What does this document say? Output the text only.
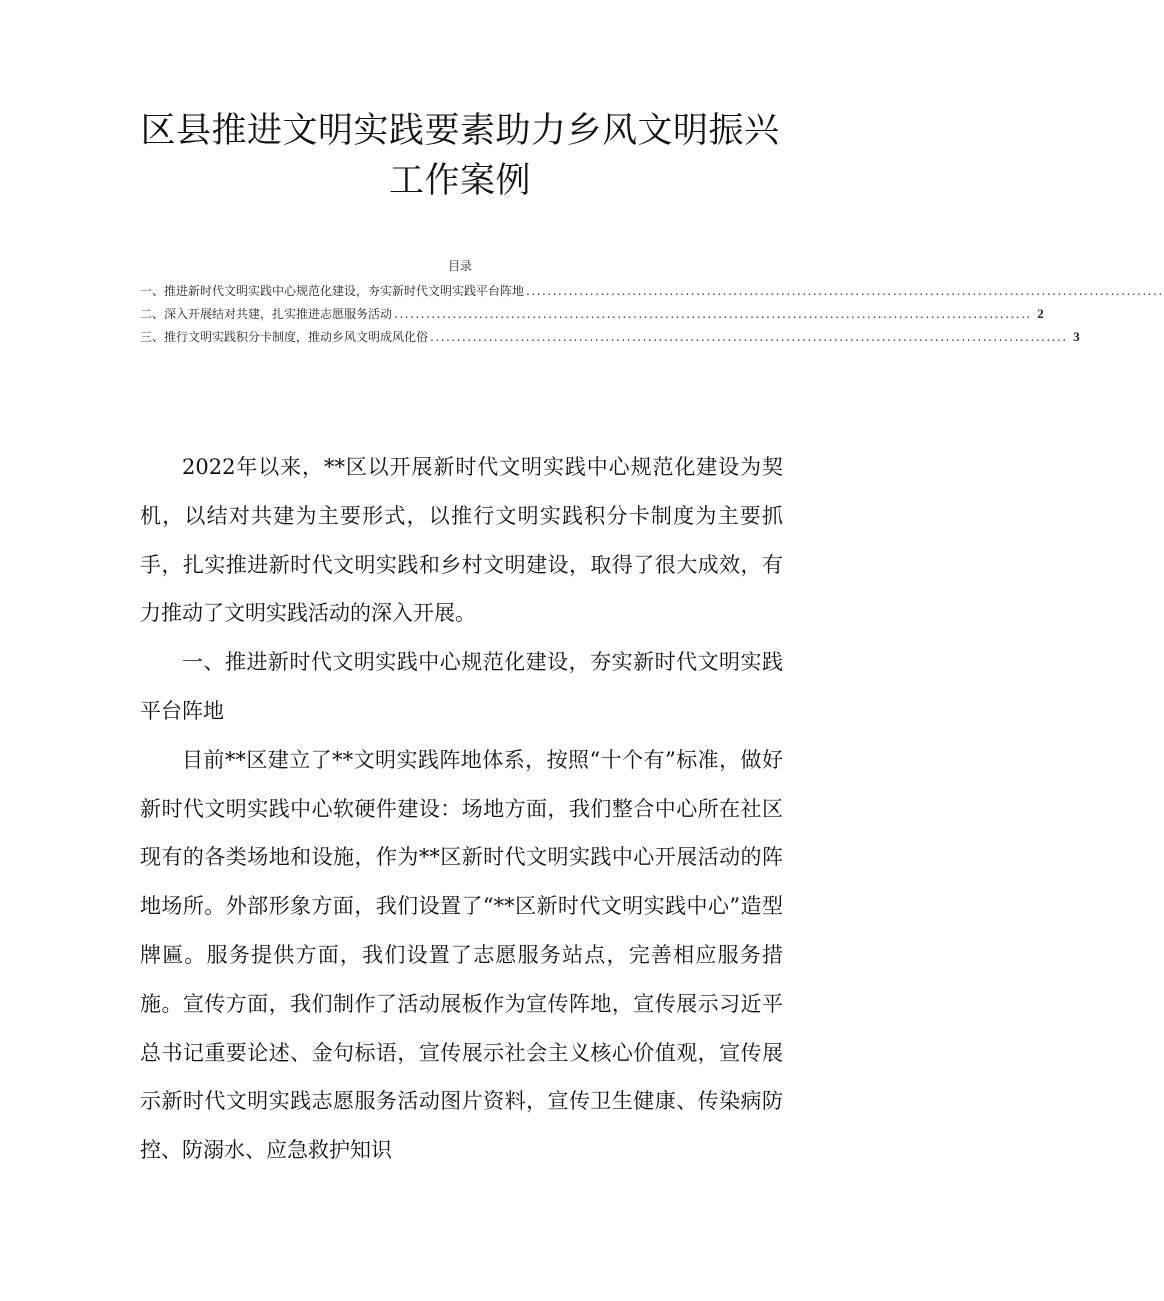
区县推进文明实践要素助力乡风文明振兴
工作案例
目录
一、推进新时代文明实践中心规范化建设，夯实新时代文明实践平台阵地 ........................................................................................................................
二、深入开展结对共建，扎实推进志愿服务活动 ........................................................................................................................ 2
三、推行文明实践积分卡制度，推动乡风文明成风化俗 ........................................................................................................................ 3

2022年以来，**区以开展新时代文明实践中心规范化建设为契机，以结对共建为主要形式，以推行文明实践积分卡制度为主要抓手，扎实推进新时代文明实践和乡村文明建设，取得了很大成效，有力推动了文明实践活动的深入开展。

一、推进新时代文明实践中心规范化建设，夯实新时代文明实践平台阵地

目前**区建立了**文明实践阵地体系，按照“十个有”标准，做好新时代文明实践中心软硬件建设：场地方面，我们整合中心所在社区现有的各类场地和设施，作为**区新时代文明实践中心开展活动的阵地场所。外部形象方面，我们设置了“**区新时代文明实践中心”造型牌匾。服务提供方面，我们设置了志愿服务站点，完善相应服务措施。宣传方面，我们制作了活动展板作为宣传阵地，宣传展示习近平总书记重要论述、金句标语，宣传展示社会主义核心价值观，宣传展示新时代文明实践志愿服务活动图片资料，宣传卫生健康、传染病防控、防溺水、应急救护知识
